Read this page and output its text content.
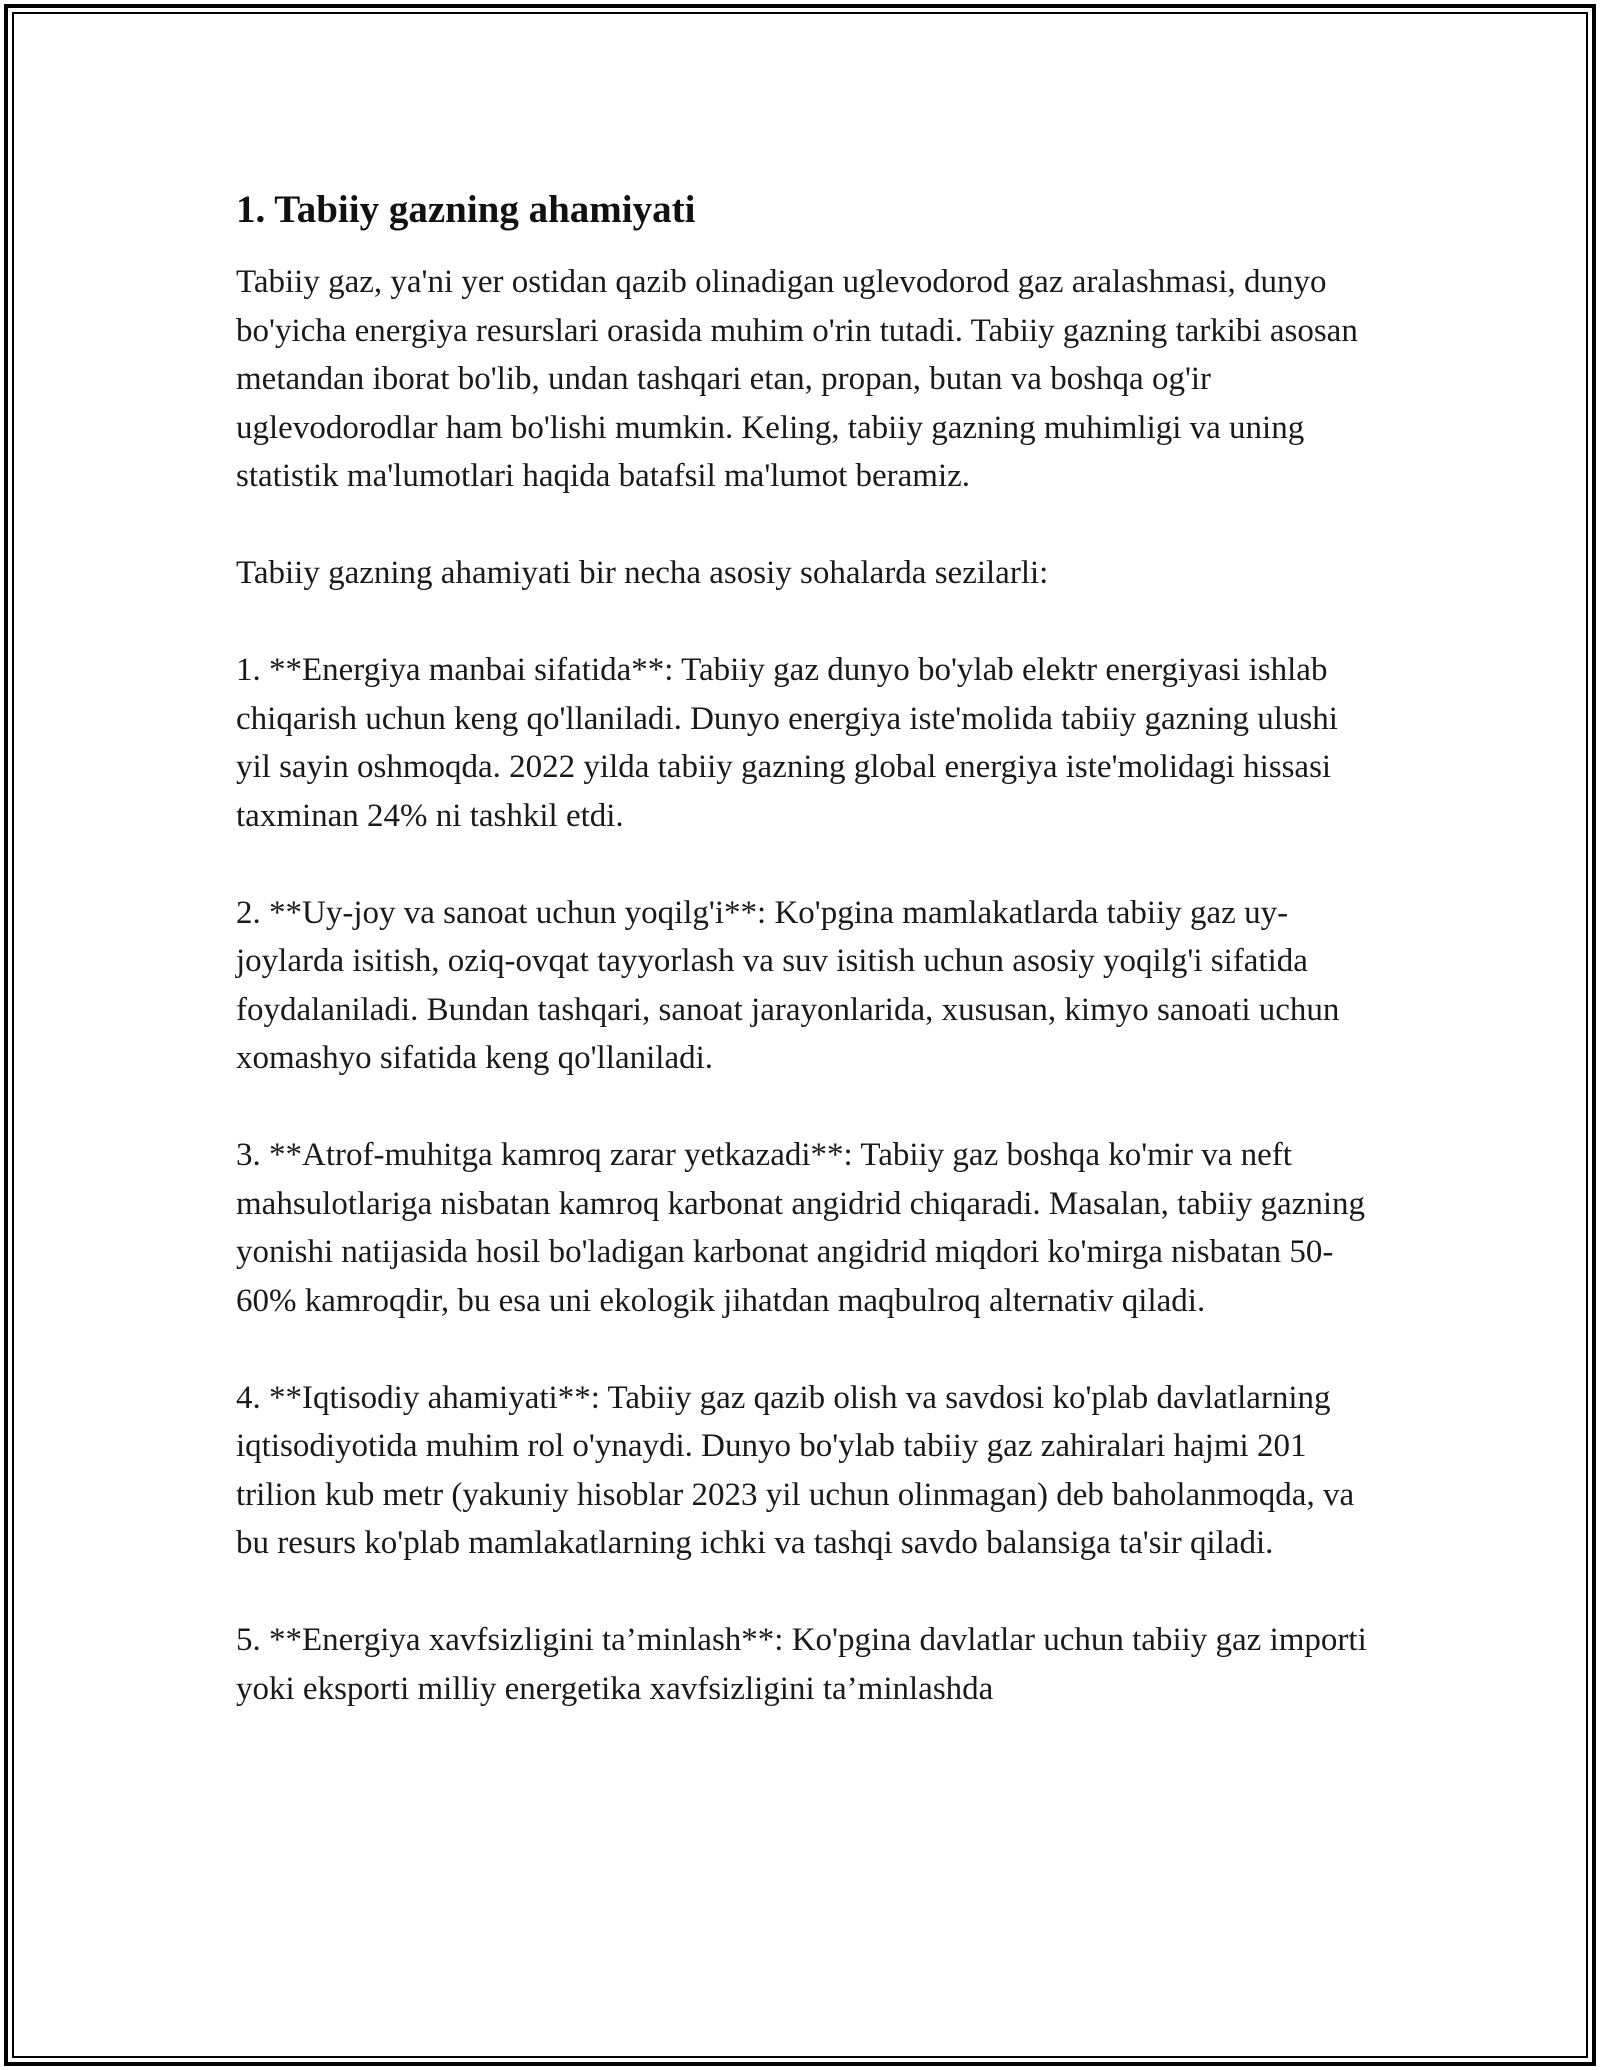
1. Tabiiy gazning ahamiyati

Tabiiy gaz, ya'ni yer ostidan qazib olinadigan uglevodorod gaz aralashmasi, dunyo bo'yicha energiya resurslari orasida muhim o'rin tutadi. Tabiiy gazning tarkibi asosan metandan iborat bo'lib, undan tashqari etan, propan, butan va boshqa og'ir uglevodorodlar ham bo'lishi mumkin. Keling, tabiiy gazning muhimligi va uning statistik ma'lumotlari haqida batafsil ma'lumot beramiz.

Tabiiy gazning ahamiyati bir necha asosiy sohalarda sezilarli:

1. **Energiya manbai sifatida**: Tabiiy gaz dunyo bo'ylab elektr energiyasi ishlab chiqarish uchun keng qo'llaniladi. Dunyo energiya iste'molida tabiiy gazning ulushi yil sayin oshmoqda. 2022 yilda tabiiy gazning global energiya iste'molidagi hissasi taxminan 24% ni tashkil etdi.

2. **Uy-joy va sanoat uchun yoqilg'i**: Ko'pgina mamlakatlarda tabiiy gaz uy-joylarda isitish, oziq-ovqat tayyorlash va suv isitish uchun asosiy yoqilg'i sifatida foydalaniladi. Bundan tashqari, sanoat jarayonlarida, xususan, kimyo sanoati uchun xomashyo sifatida keng qo'llaniladi.

3. **Atrof-muhitga kamroq zarar yetkazadi**: Tabiiy gaz boshqa ko'mir va neft mahsulotlariga nisbatan kamroq karbonat angidrid chiqaradi. Masalan, tabiiy gazning yonishi natijasida hosil bo'ladigan karbonat angidrid miqdori ko'mirga nisbatan 50-60% kamroqdir, bu esa uni ekologik jihatdan maqbulroq alternativ qiladi.

4. **Iqtisodiy ahamiyati**: Tabiiy gaz qazib olish va savdosi ko'plab davlatlarning iqtisodiyotida muhim rol o'ynaydi. Dunyo bo'ylab tabiiy gaz zahiralari hajmi 201 trilion kub metr (yakuniy hisoblar 2023 yil uchun olinmagan) deb baholanmoqda, va bu resurs ko'plab mamlakatlarning ichki va tashqi savdo balansiga ta'sir qiladi.

5. **Energiya xavfsizligini ta’minlash**: Ko'pgina davlatlar uchun tabiiy gaz importi yoki eksporti milliy energetika xavfsizligini ta’minlashda
